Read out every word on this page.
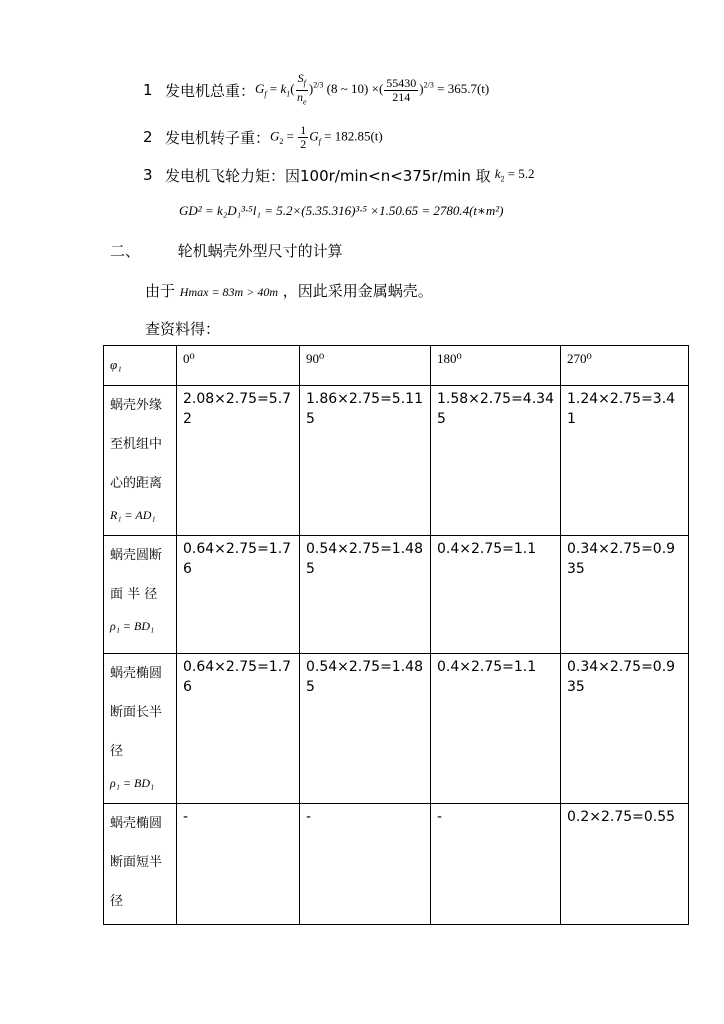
1 发电机总重： $G_f = k_1( \frac{S_f}{n_e} )^{2/3}$ (8 ~ 10) ×( $\frac{55430}{214} )^{2/3} = 365.7(t)$
2 发电机转子重： $G_2 = \frac{1}{2} G_f = 182.85(t)$
3 发电机飞轮力矩：因100r/min<n<375r/min 取 $k_2 = 5.2$
GD² = k₂D₁³·⁵l₁ = 5.2×(5.35.316)³·⁵ ×1.50.65 = 2780.4(t∗m²)
二、	轮机蜗壳外型尺寸的计算
由于 Hmax = 83m > 40m ，因此采用金属蜗壳。
查资料得：
φ₁	0⁰	90⁰	180⁰	270⁰

蜗壳外缘
至机组中
心的距离
R₁ = AD₁	2.08×2.75=5.72	1.86×2.75=5.115	1.58×2.75=4.345	1.24×2.75=3.41

蜗壳圆断
面 半 径
ρ₁ = BD₁	0.64×2.75=1.76	0.54×2.75=1.485	0.4×2.75=1.1	0.34×2.75=0.935

蜗壳椭圆
断面长半
径
ρ₁ = BD₁	0.64×2.75=1.76	0.54×2.75=1.485	0.4×2.75=1.1	0.34×2.75=0.935

蜗壳椭圆
断面短半
径	-	-	-	0.2×2.75=0.55
